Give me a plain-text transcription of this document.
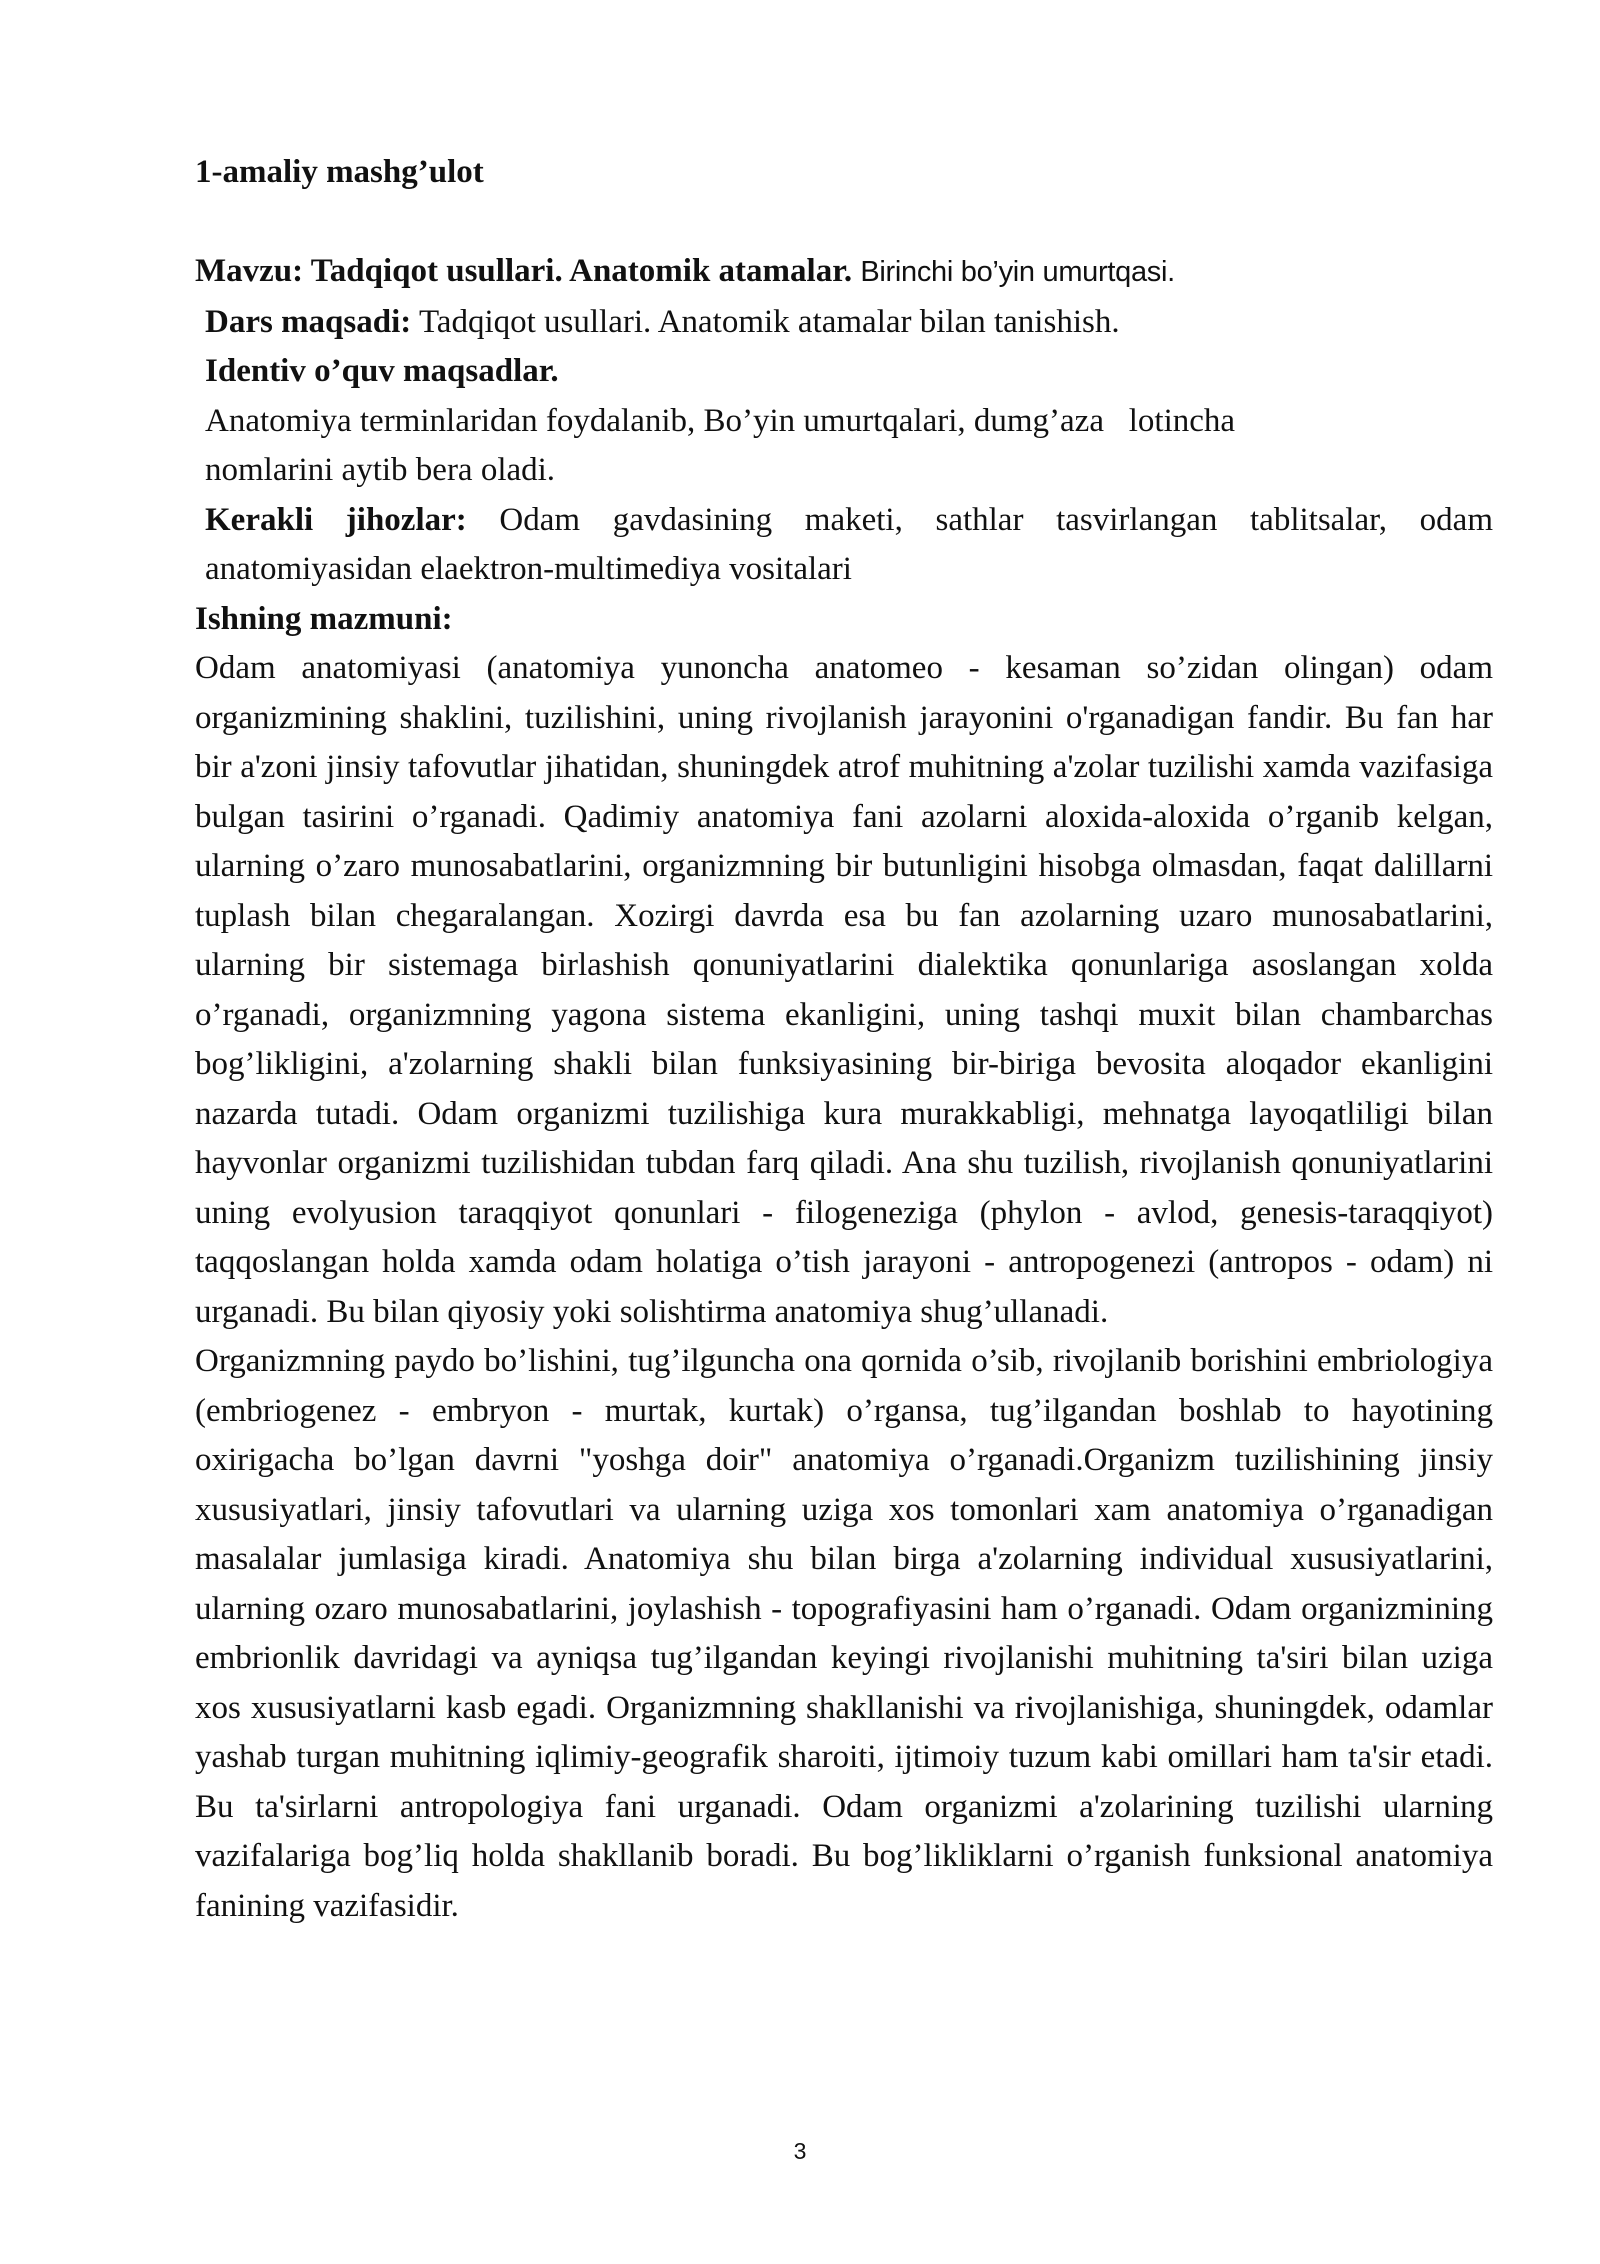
1-amaliy mashg’ulot

Mavzu: Tadqiqot usullari. Anatomik atamalar. Birinchi bo’yin umurtqasi.

Dars maqsadi: Tadqiqot usullari. Anatomik atamalar bilan tanishish.

Identiv o’quv maqsadlar.

Anatomiya terminlaridan foydalanib, Bo’yin umurtqalari, dumg’aza   lotincha

nomlarini aytib bera oladi.

Kerakli jihozlar: Odam gavdasining maketi, sathlar tasvirlangan tablitsalar, odam anatomiyasidan elaektron-multimediya vositalari

Ishning mazmuni:

Odam anatomiyasi (anatomiya yunoncha anatomeo - kesaman so’zidan olingan) odam organizmining shaklini, tuzilishini, uning rivojlanish jarayonini o'rganadigan fandir. Bu fan har bir a'zoni jinsiy tafovutlar jihatidan, shuningdek atrof muhitning a'zolar tuzilishi xamda vazifasiga bulgan tasirini o’rganadi. Qadimiy anatomiya fani azolarni aloxida-aloxida o’rganib kelgan, ularning o’zaro munosabatlarini, organizmning bir butunligini hisobga olmasdan, faqat dalillarni tuplash bilan chegaralangan. Xozirgi davrda esa bu fan azolarning uzaro munosabatlarini, ularning bir sistemaga birlashish qonuniyatlarini dialektika qonunlariga asoslangan xolda o’rganadi, organizmning yagona sistema ekanligini, uning tashqi muxit bilan chambarchas bog’likligini, a'zolarning shakli bilan funksiyasining bir-biriga bevosita aloqador ekanligini nazarda tutadi. Odam organizmi tuzilishiga kura murakkabligi, mehnatga layoqatliligi bilan hayvonlar organizmi tuzilishidan tubdan farq qiladi. Ana shu tuzilish, rivojlanish qonuniyatlarini uning evolyusion taraqqiyot qonunlari - filogeneziga (phylon - avlod, genesis-taraqqiyot) taqqoslangan holda xamda odam holatiga o’tish jarayoni - antropogenezi (antropos - odam) ni urganadi. Bu bilan qiyosiy yoki solishtirma anatomiya shug’ullanadi.

Organizmning paydo bo’lishini, tug’ilguncha ona qornida o’sib, rivojlanib borishini embriologiya (embriogenez - embryon - murtak, kurtak) o’rgansa, tug’ilgandan boshlab to hayotining oxirigacha bo’lgan davrni "yoshga doir" anatomiya o’rganadi.Organizm tuzilishining jinsiy xususiyatlari, jinsiy tafovutlari va ularning uziga xos tomonlari xam anatomiya o’rganadigan masalalar jumlasiga kiradi. Anatomiya shu bilan birga a'zolarning individual xususiyatlarini, ularning ozaro munosabatlarini, joylashish - topografiyasini ham o’rganadi. Odam organizmining embrionlik davridagi va ayniqsa tug’ilgandan keyingi rivojlanishi muhitning ta'siri bilan uziga xos xususiyatlarni kasb egadi. Organizmning shakllanishi va rivojlanishiga, shuningdek, odamlar yashab turgan muhitning iqlimiy-geografik sharoiti, ijtimoiy tuzum kabi omillari ham ta'sir etadi. Bu ta'sirlarni antropologiya fani urganadi. Odam organizmi a'zolarining tuzilishi ularning vazifalariga bog’liq holda shakllanib boradi. Bu bog’likliklarni o’rganish funksional anatomiya fanining vazifasidir.

3
